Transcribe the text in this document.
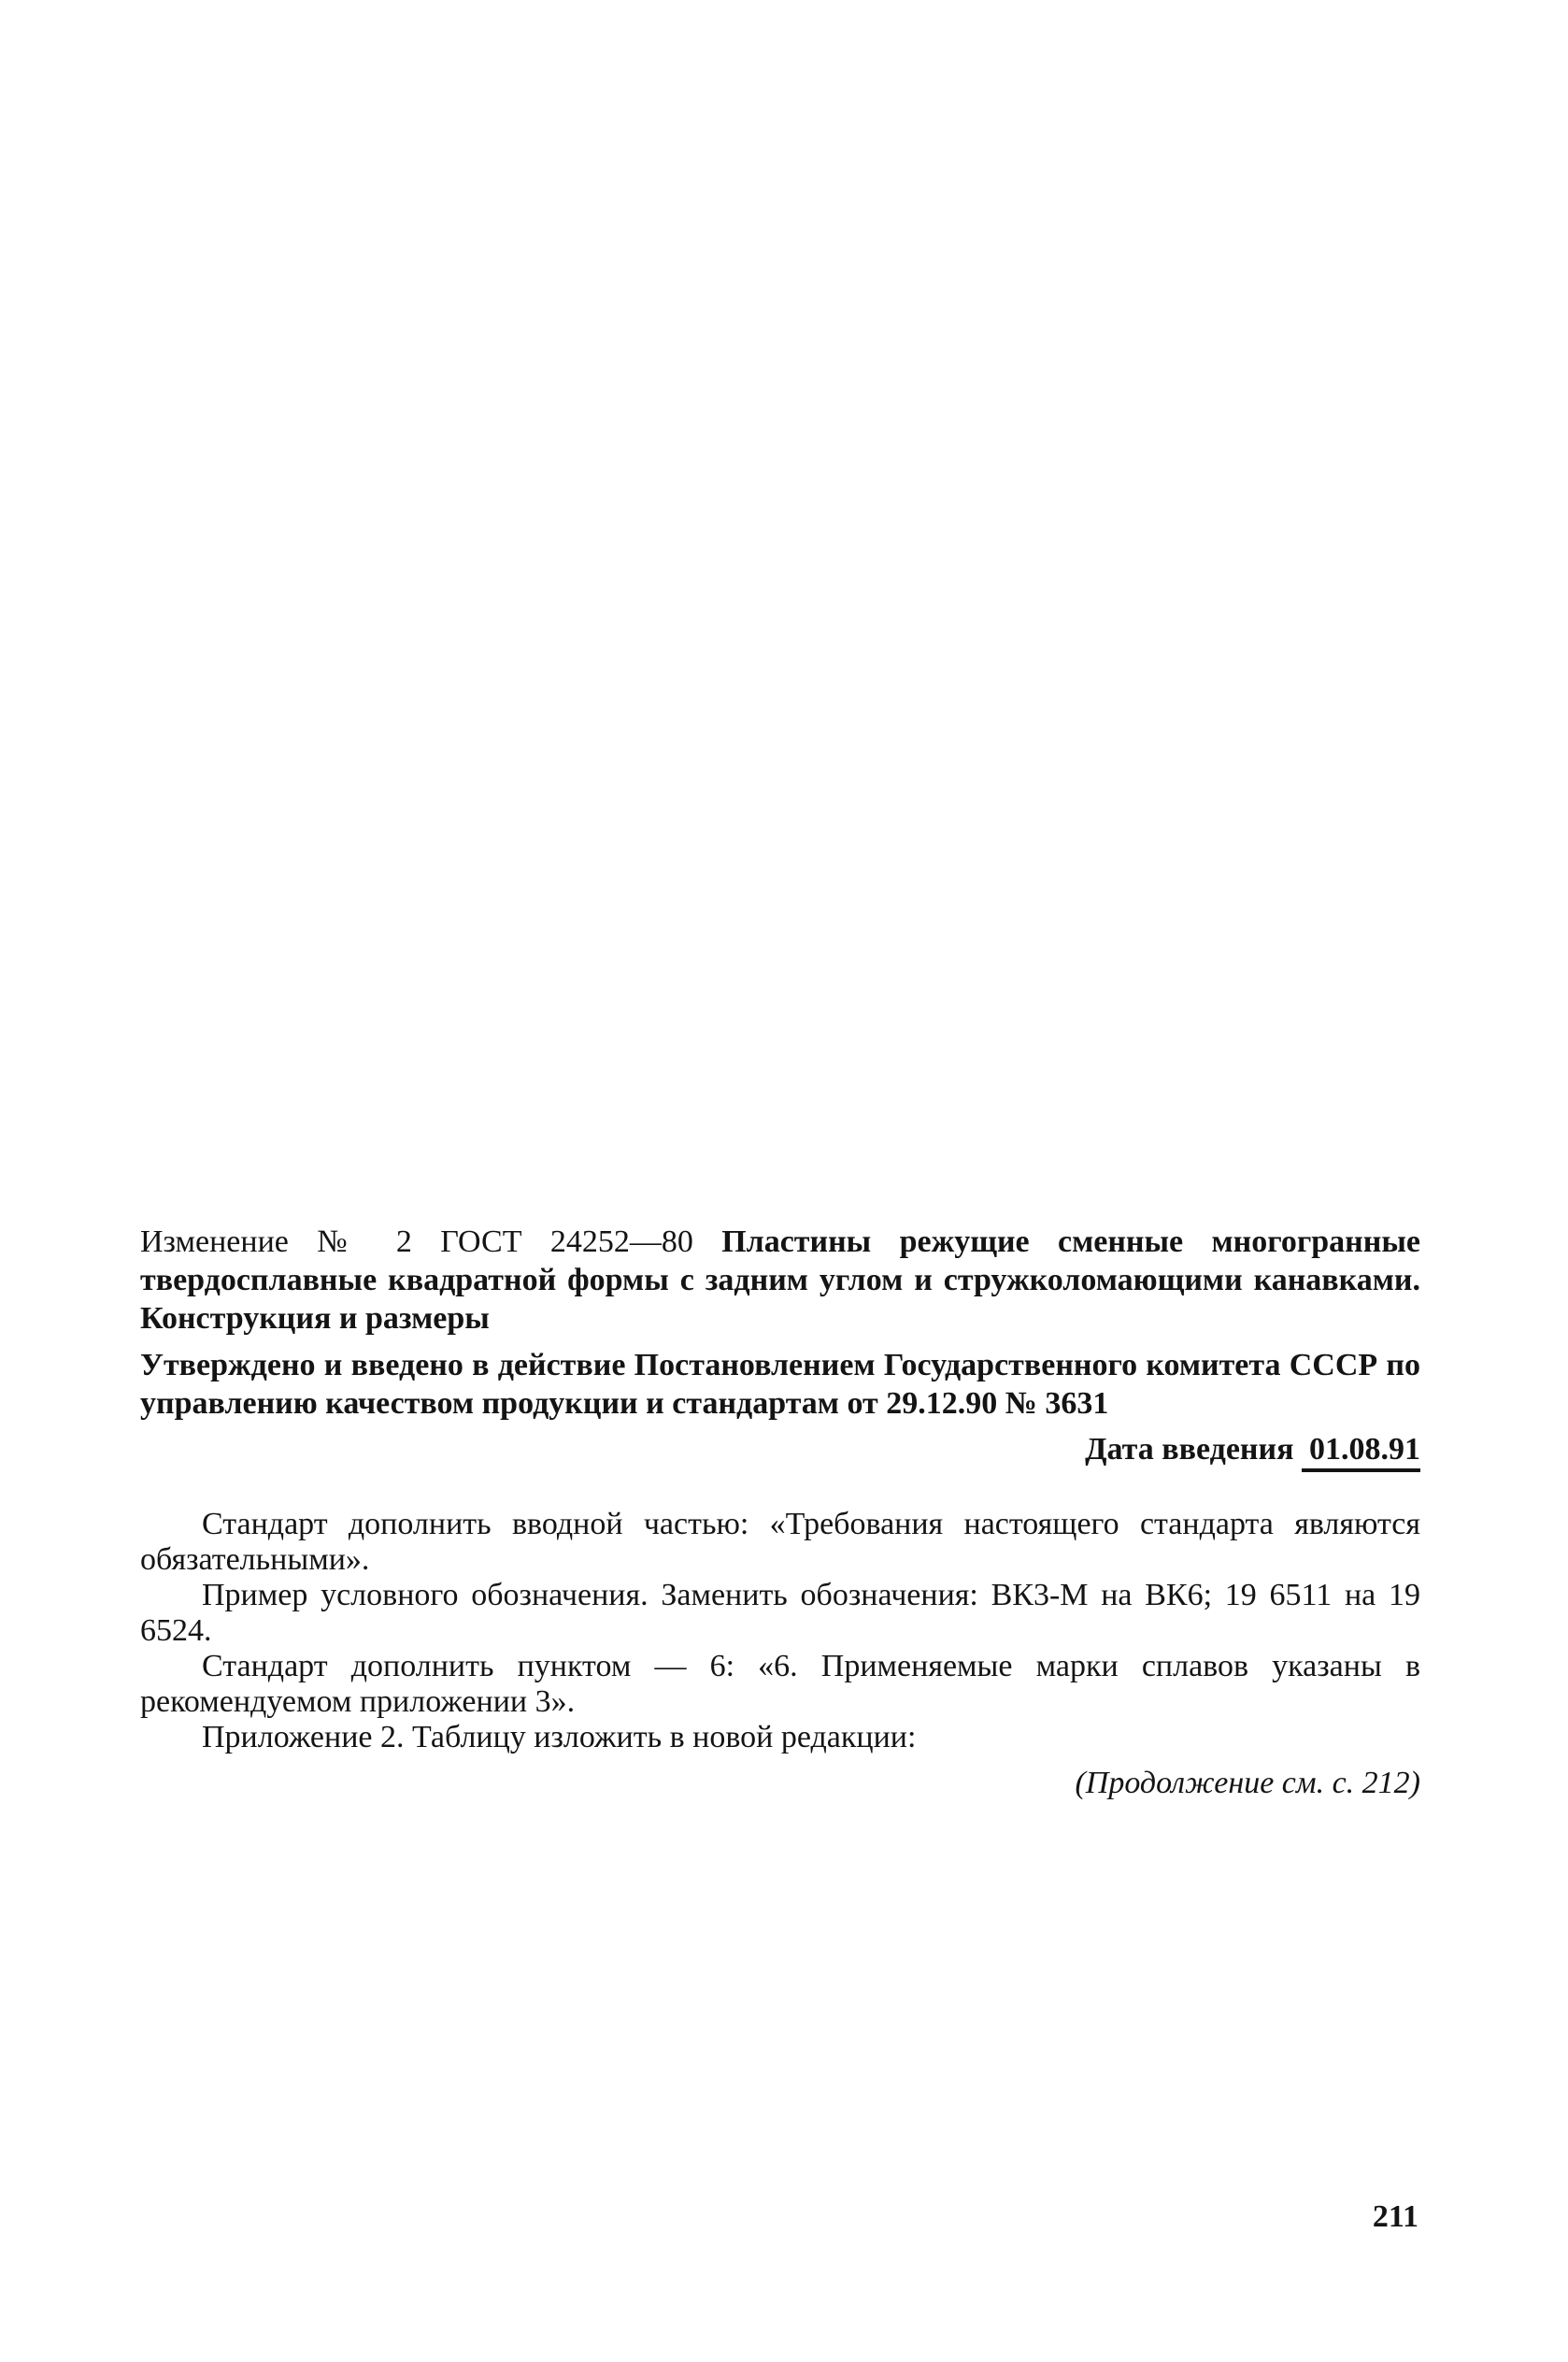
Изменение № 2 ГОСТ 24252—80 Пластины режущие сменные многогранные твердосплавные квадратной формы с задним углом и стружколомающими канавками. Конструкция и размеры
Утверждено и введено в действие Постановлением Государственного комитета СССР по управлению качеством продукции и стандартам от 29.12.90 № 3631
Дата введения 01.08.91

Стандарт дополнить вводной частью: «Требования настоящего стандарта являются обязательными».

Пример условного обозначения. Заменить обозначения: ВК3-М на ВК6; 19 6511 на 19 6524.

Стандарт дополнить пунктом — 6: «6. Применяемые марки сплавов указаны в рекомендуемом приложении 3».

Приложение 2. Таблицу изложить в новой редакции:

(Продолжение см. с. 212)
211
